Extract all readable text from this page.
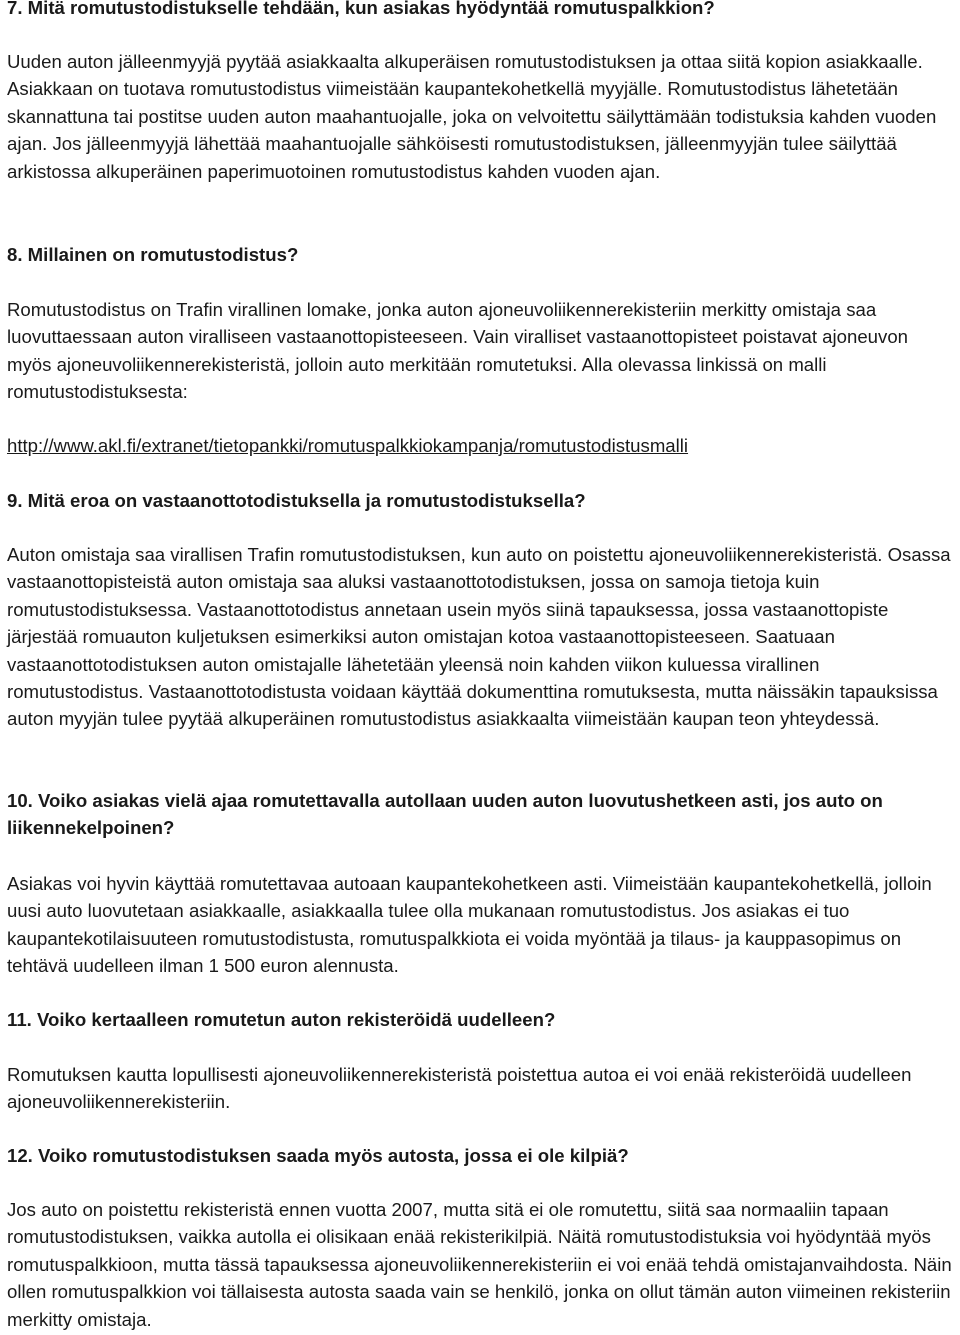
7. Mitä romutustodistukselle tehdään, kun asiakas hyödyntää romutuspalkkion?

Uuden auton jälleenmyyjä pyytää asiakkaalta alkuperäisen romutustodistuksen ja ottaa siitä kopion asiakkaalle. Asiakkaan on tuotava romutustodistus viimeistään kaupantekohetkellä myyjälle. Romutustodistus lähetetään skannattuna tai postitse uuden auton maahantuojalle, joka on velvoitettu säilyttämään todistuksia kahden vuoden ajan. Jos jälleenmyyjä lähettää maahantuojalle sähköisesti romutustodistuksen, jälleenmyyjän tulee säilyttää arkistossa alkuperäinen paperimuotoinen romutustodistus kahden vuoden ajan.

8. Millainen on romutustodistus?

Romutustodistus on Trafin virallinen lomake, jonka auton ajoneuvoliikennerekisteriin merkitty omistaja saa luovuttaessaan auton viralliseen vastaanottopisteeseen. Vain viralliset vastaanottopisteet poistavat ajoneuvon myös ajoneuvoliikennerekisteristä, jolloin auto merkitään romutetuksi. Alla olevassa linkissä on malli romutustodistuksesta:

http://www.akl.fi/extranet/tietopankki/romutuspalkkiokampanja/romutustodistusmalli

9. Mitä eroa on vastaanottotodistuksella ja romutustodistuksella?

Auton omistaja saa virallisen Trafin romutustodistuksen, kun auto on poistettu ajoneuvoliikennerekisteristä. Osassa vastaanottopisteistä auton omistaja saa aluksi vastaanottotodistuksen, jossa on samoja tietoja kuin romutustodistuksessa. Vastaanottotodistus annetaan usein myös siinä tapauksessa, jossa vastaanottopiste järjestää romuauton kuljetuksen esimerkiksi auton omistajan kotoa vastaanottopisteeseen. Saatuaan vastaanottotodistuksen auton omistajalle lähetetään yleensä noin kahden viikon kuluessa virallinen romutustodistus. Vastaanottotodistusta voidaan käyttää dokumenttina romutuksesta, mutta näissäkin tapauksissa auton myyjän tulee pyytää alkuperäinen romutustodistus asiakkaalta viimeistään kaupan teon yhteydessä.

10. Voiko asiakas vielä ajaa romutettavalla autollaan uuden auton luovutushetkeen asti, jos auto on liikennekelpoinen?

Asiakas voi hyvin käyttää romutettavaa autoaan kaupantekohetkeen asti. Viimeistään kaupantekohetkellä, jolloin uusi auto luovutetaan asiakkaalle, asiakkaalla tulee olla mukanaan romutustodistus. Jos asiakas ei tuo kaupantekotilaisuuteen romutustodistusta, romutuspalkkiota ei voida myöntää ja tilaus- ja kauppasopimus on tehtävä uudelleen ilman 1 500 euron alennusta.

11. Voiko kertaalleen romutetun auton rekisteröidä uudelleen?

Romutuksen kautta lopullisesti ajoneuvoliikennerekisteristä poistettua autoa ei voi enää rekisteröidä uudelleen ajoneuvoliikennerekisteriin.

12. Voiko romutustodistuksen saada myös autosta, jossa ei ole kilpiä?

Jos auto on poistettu rekisteristä ennen vuotta 2007, mutta sitä ei ole romutettu, siitä saa normaaliin tapaan romutustodistuksen, vaikka autolla ei olisikaan enää rekisterikilpiä. Näitä romutustodistuksia voi hyödyntää myös romutuspalkkioon, mutta tässä tapauksessa ajoneuvoliikennerekisteriin ei voi enää tehdä omistajanvaihdosta. Näin ollen romutuspalkkion voi tällaisesta autosta saada vain se henkilö, jonka on ollut tämän auton viimeinen rekisteriin merkitty omistaja.
